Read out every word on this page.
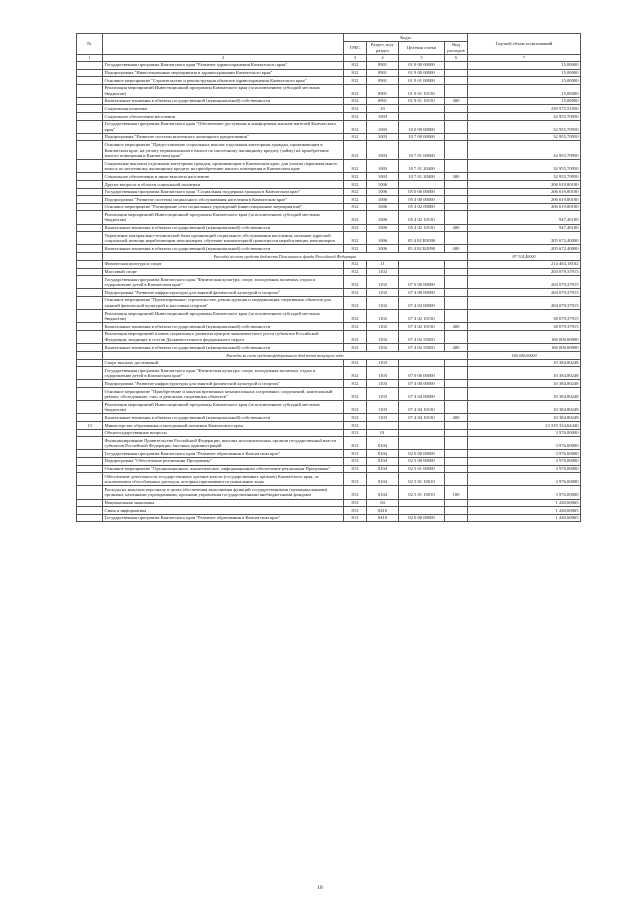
№		Коды				Годовой объем ассигнований
		ГРБС	Раздел, под-раздел	Целевая статья	Вид расходов	
1	2	3	4	5	6	7
	Государственная программа Камчатского края "Развитие здравоохранения Камчатского края"	812	0901	01 0 00 00000		15,00000
	Подпрограмма "Инвестиционные мероприятия в здравоохранении Камчатского края"	812	0901	01 9 00 00000		15,00000
	Основное мероприятие "Строительство и реконструкция объектов здравоохранения Камчатского края"	812	0901	01 9 01 00000		15,00000
	Реализация мероприятий Инвестиционной программы Камчатского края (за исключением субсидий местным бюджетам)	812	0901	01 9 01 10130		15,00000
	Капитальные вложения в объекты государственной (муниципальной) собственности	812	0901	01 9 01 10130	400	15,00000
	Социальная политика	812	10			239 575,51050
	Социальное обеспечение населения	812	1003			32 955,70950
	Государственная программа Камчатского края "Обеспечение доступным и комфортным жильем жителей Камчатского края"	812	1003	10 0 00 00000		32 955,70950
	Подпрограмма "Развитие системы ипотечного жилищного кредитования"	812	1003	10 7 00 00000		32 955,70950
	Основное мероприятие "Предоставление социальных выплат отдельным категориям граждан, проживающим в Камчатском крае, на уплату первоначального взноса по ипотечному жилищному кредиту (займу) на приобретение жилого помещения в Камчатском крае"	812	1003	10 7 01 00000		32 955,70950
	Социальные выплаты отдельным категориям граждан, проживающим в Камчатском крае, для уплаты первоначального взноса по ипотечному жилищному кредиту на приобретение жилого помещения в Камчатском крае	812	1003	10 7 01 20400		32 955,70950
	Социальное обеспечение и иные выплаты населению	812	1003	10 7 01 20400	300	32 955,70950
	Другие вопросы в области социальной политики	812	1006			206 619,80100
	Государственная программа Камчатского края "Социальная поддержка граждан в Камчатском крае"	812	1006	05 0 00 00000		206 619,80100
	Подпрограмма "Развитие системы социального обслуживания населения в Камчатском крае"	812	1006	05 4 00 00000		206 619,80100
	Основное мероприятие "Расширение сети социальных учреждений (инвестиционные мероприятия)"	812	1006	05 4 02 00000		206 619,80100
	Реализация мероприятий Инвестиционной программы Камчатского края (за исключением субсидий местным бюджетам)	812	1006	05 4 02 10130		947,40100
	Капитальные вложения в объекты государственной (муниципальной) собственности	812	1006	05 4 02 10130	400	947,40100
	Укрепление материально-технической базы организаций социального обслуживания населения, оказание адресной социальной помощи неработающим пенсионерам, обучение компьютерной грамотности неработающих пенсионеров	812	1006	05 4 02 R2090		205 672,40000
	Капитальные вложения в объекты государственной (муниципальной) собственности	812	1006	05 4 02 R2090	400	205 672,40000
	Расходы за счет средств бюджета Пенсионного фонда Российской Федерации					87 314,40000
	Физическая культура и спорт	812	11			214 464,18162
	Массовый спорт	812	1102			204 079,37915
	Государственная программа Камчатского края "Физическая культура, спорт, молодежная политика, отдых и оздоровление детей в Камчатском крае"	812	1102	07 0 00 00000		204 079,37915
	Подпрограмма "Развитие инфраструктуры для занятий физической культурой и спортом"	812	1102	07 4 00 00000		204 079,37915
	Основное мероприятие "Проектирование, строительство, реконструкция и модернизация спортивных объектов для занятий физической культурой и массовым спортом"	812	1102	07 4 02 00000		204 079,37915
	Реализация мероприятий Инвестиционной программы Камчатского края (за исключением субсидий местным бюджетам)	812	1102	07 4 02 10130		38 079,37915
	Капитальные вложения в объекты государственной (муниципальной) собственности	812	1102	07 4 02 10130	400	38 079,37915
	Реализация мероприятий планов социального развития центров экономического роста субъектов Российской Федерации, входящих в состав Дальневосточного федерального округа	812	1102	07 4 02 55050		166 000,00000
	Капитальные вложения в объекты государственной (муниципальной) собственности	812	1102	07 4 02 55050	400	166 000,00000
	Расходы за счет средств федерального бюджета текущего года					166 000,00000
	Спорт высших достижений	812	1103			10 384,80248
	Государственная программа Камчатского края "Физическая культура, спорт, молодежная политика, отдых и оздоровление детей в Камчатском крае"	812	1103	07 0 00 00000		10 384,80248
	Подпрограмма "Развитие инфраструктуры для занятий физической культурой и спортом"	812	1103	07 4 00 00000		10 384,80248
	Основное мероприятие "Приобретение и монтаж временных некапитальных спортивных сооружений, капитальный ремонт, обследование, снос и демонтаж спортивных объектов"	812	1103	07 4 04 00000		10 384,80248
	Реализация мероприятий Инвестиционной программы Камчатского края (за исключением субсидий местным бюджетам)	812	1103	07 4 04 10130		10 384,80248
	Капитальные вложения в объекты государственной (муниципальной) собственности	812	1103	07 4 04 10130	400	10 384,80248
13	Министерство образования и молодежной политики Камчатского края	813				13 319 334,64440
	Общегосударственные вопросы	813	01			3 976,00000
	Функционирование Правительства Российской Федерации, высших исполнительных органов государственной власти субъектов Российской Федерации, местных администраций	813	0104			3 976,00000
	Государственная программа Камчатского края "Развитие образования в Камчатском крае"	813	0104	02 0 00 00000		3 976,00000
	Подпрограмма "Обеспечение реализации Программы"	813	0104	02 5 00 00000		3 976,00000
	Основное мероприятие "Организационное, аналитическое, информационное обеспечение реализации Программы"	813	0104	02 5 01 00000		3 976,00000
	Обеспечение деятельности государственных органов власти (государственных органов) Камчатского края, за исключением обособленных расходов, которым присваиваются уникальные коды	813	0104	02 5 01 10010		3 976,00000
	Расходы на выплаты персоналу в целях обеспечения выполнения функций государственными (муниципальными) органами, казенными учреждениями, органами управления государственными внебюджетными фондами	813	0104	02 5 01 10010	100	3 976,00000
	Национальная экономика	813	04			1 240,60065
	Связь и информатика	813	0410			1 240,60065
	Государственная программа Камчатского края "Развитие образования в Камчатском крае"	813	0410	02 0 00 00000		1 240,60065
18
